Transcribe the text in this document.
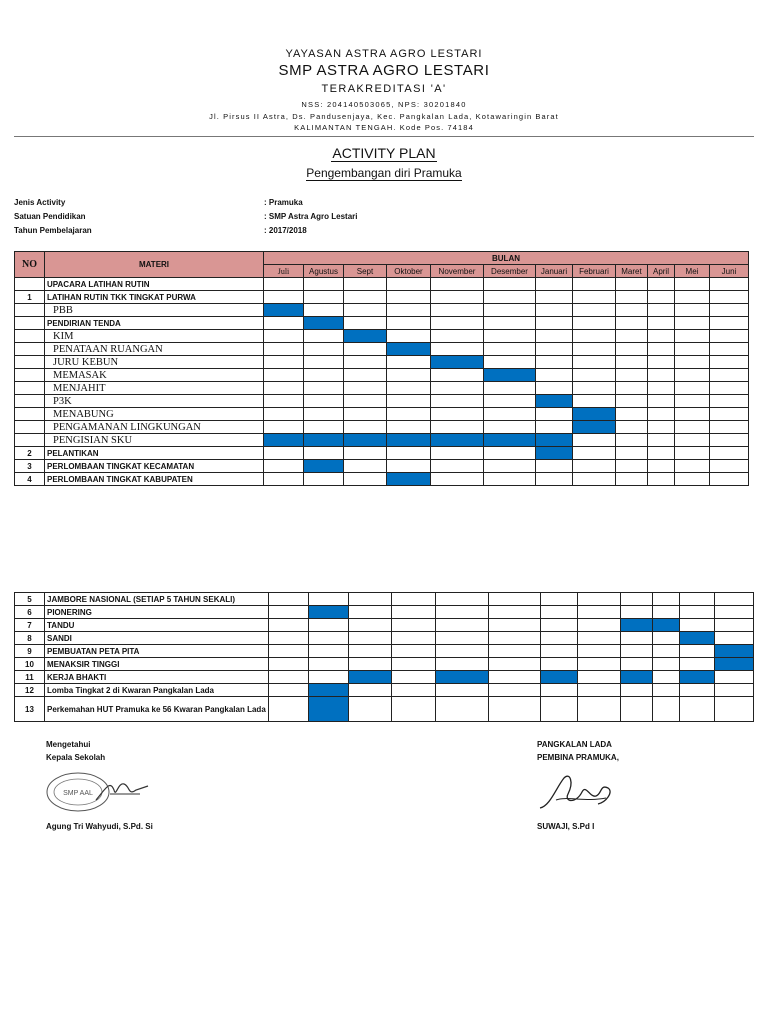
YAYASAN ASTRA AGRO LESTARI
SMP ASTRA AGRO LESTARI
TERAKREDITASI 'A'
NSS: 204140503065, NPS: 30201840
Jl. Pirsus II Astra, Ds. Pandusenjaya, Kec. Pangkalan Lada, Kotawaringin Barat
KALIMANTAN TENGAH. Kode Pos. 74184
ACTIVITY PLAN
Pengembangan diri Pramuka
Jenis Activity	: Pramuka
Satuan Pendidikan	: SMP Astra Agro Lestari
Tahun Pembelajaran	: 2017/2018
NO	MATERI	BULAN											
		Juli	Agustus	Sept	Oktober	November	Desember	Januari	Februari	Maret	April	Mei	Juni
	UPACARA LATIHAN RUTIN												
1	LATIHAN RUTIN TKK TINGKAT PURWA												
	PBB												
	PENDIRIAN TENDA												
	KIM												
	PENATAAN RUANGAN												
	JURU KEBUN												
	MEMASAK												
	MENJAHIT												
	P3K												
	MENABUNG												
	PENGAMANAN LINGKUNGAN												
	PENGISIAN SKU												
2	PELANTIKAN												
3	PERLOMBAAN TINGKAT KECAMATAN												
4	PERLOMBAAN TINGKAT KABUPATEN												
5	JAMBORE NASIONAL (SETIAP 5 TAHUN SEKALI)												
6	PIONERING												
7	TANDU												
8	SANDI												
9	PEMBUATAN PETA PITA												
10	MENAKSIR TINGGI												
11	KERJA BHAKTI												
12	Lomba Tingkat 2 di Kwaran Pangkalan Lada												
13	Perkemahan HUT Pramuka ke 56 Kwaran Pangkalan Lada												
Mengetahui
Kepala Sekolah
SMP AAL
Agung Tri Wahyudi, S.Pd. Si
PANGKALAN LADA
PEMBINA PRAMUKA,
SUWAJI, S.Pd I
